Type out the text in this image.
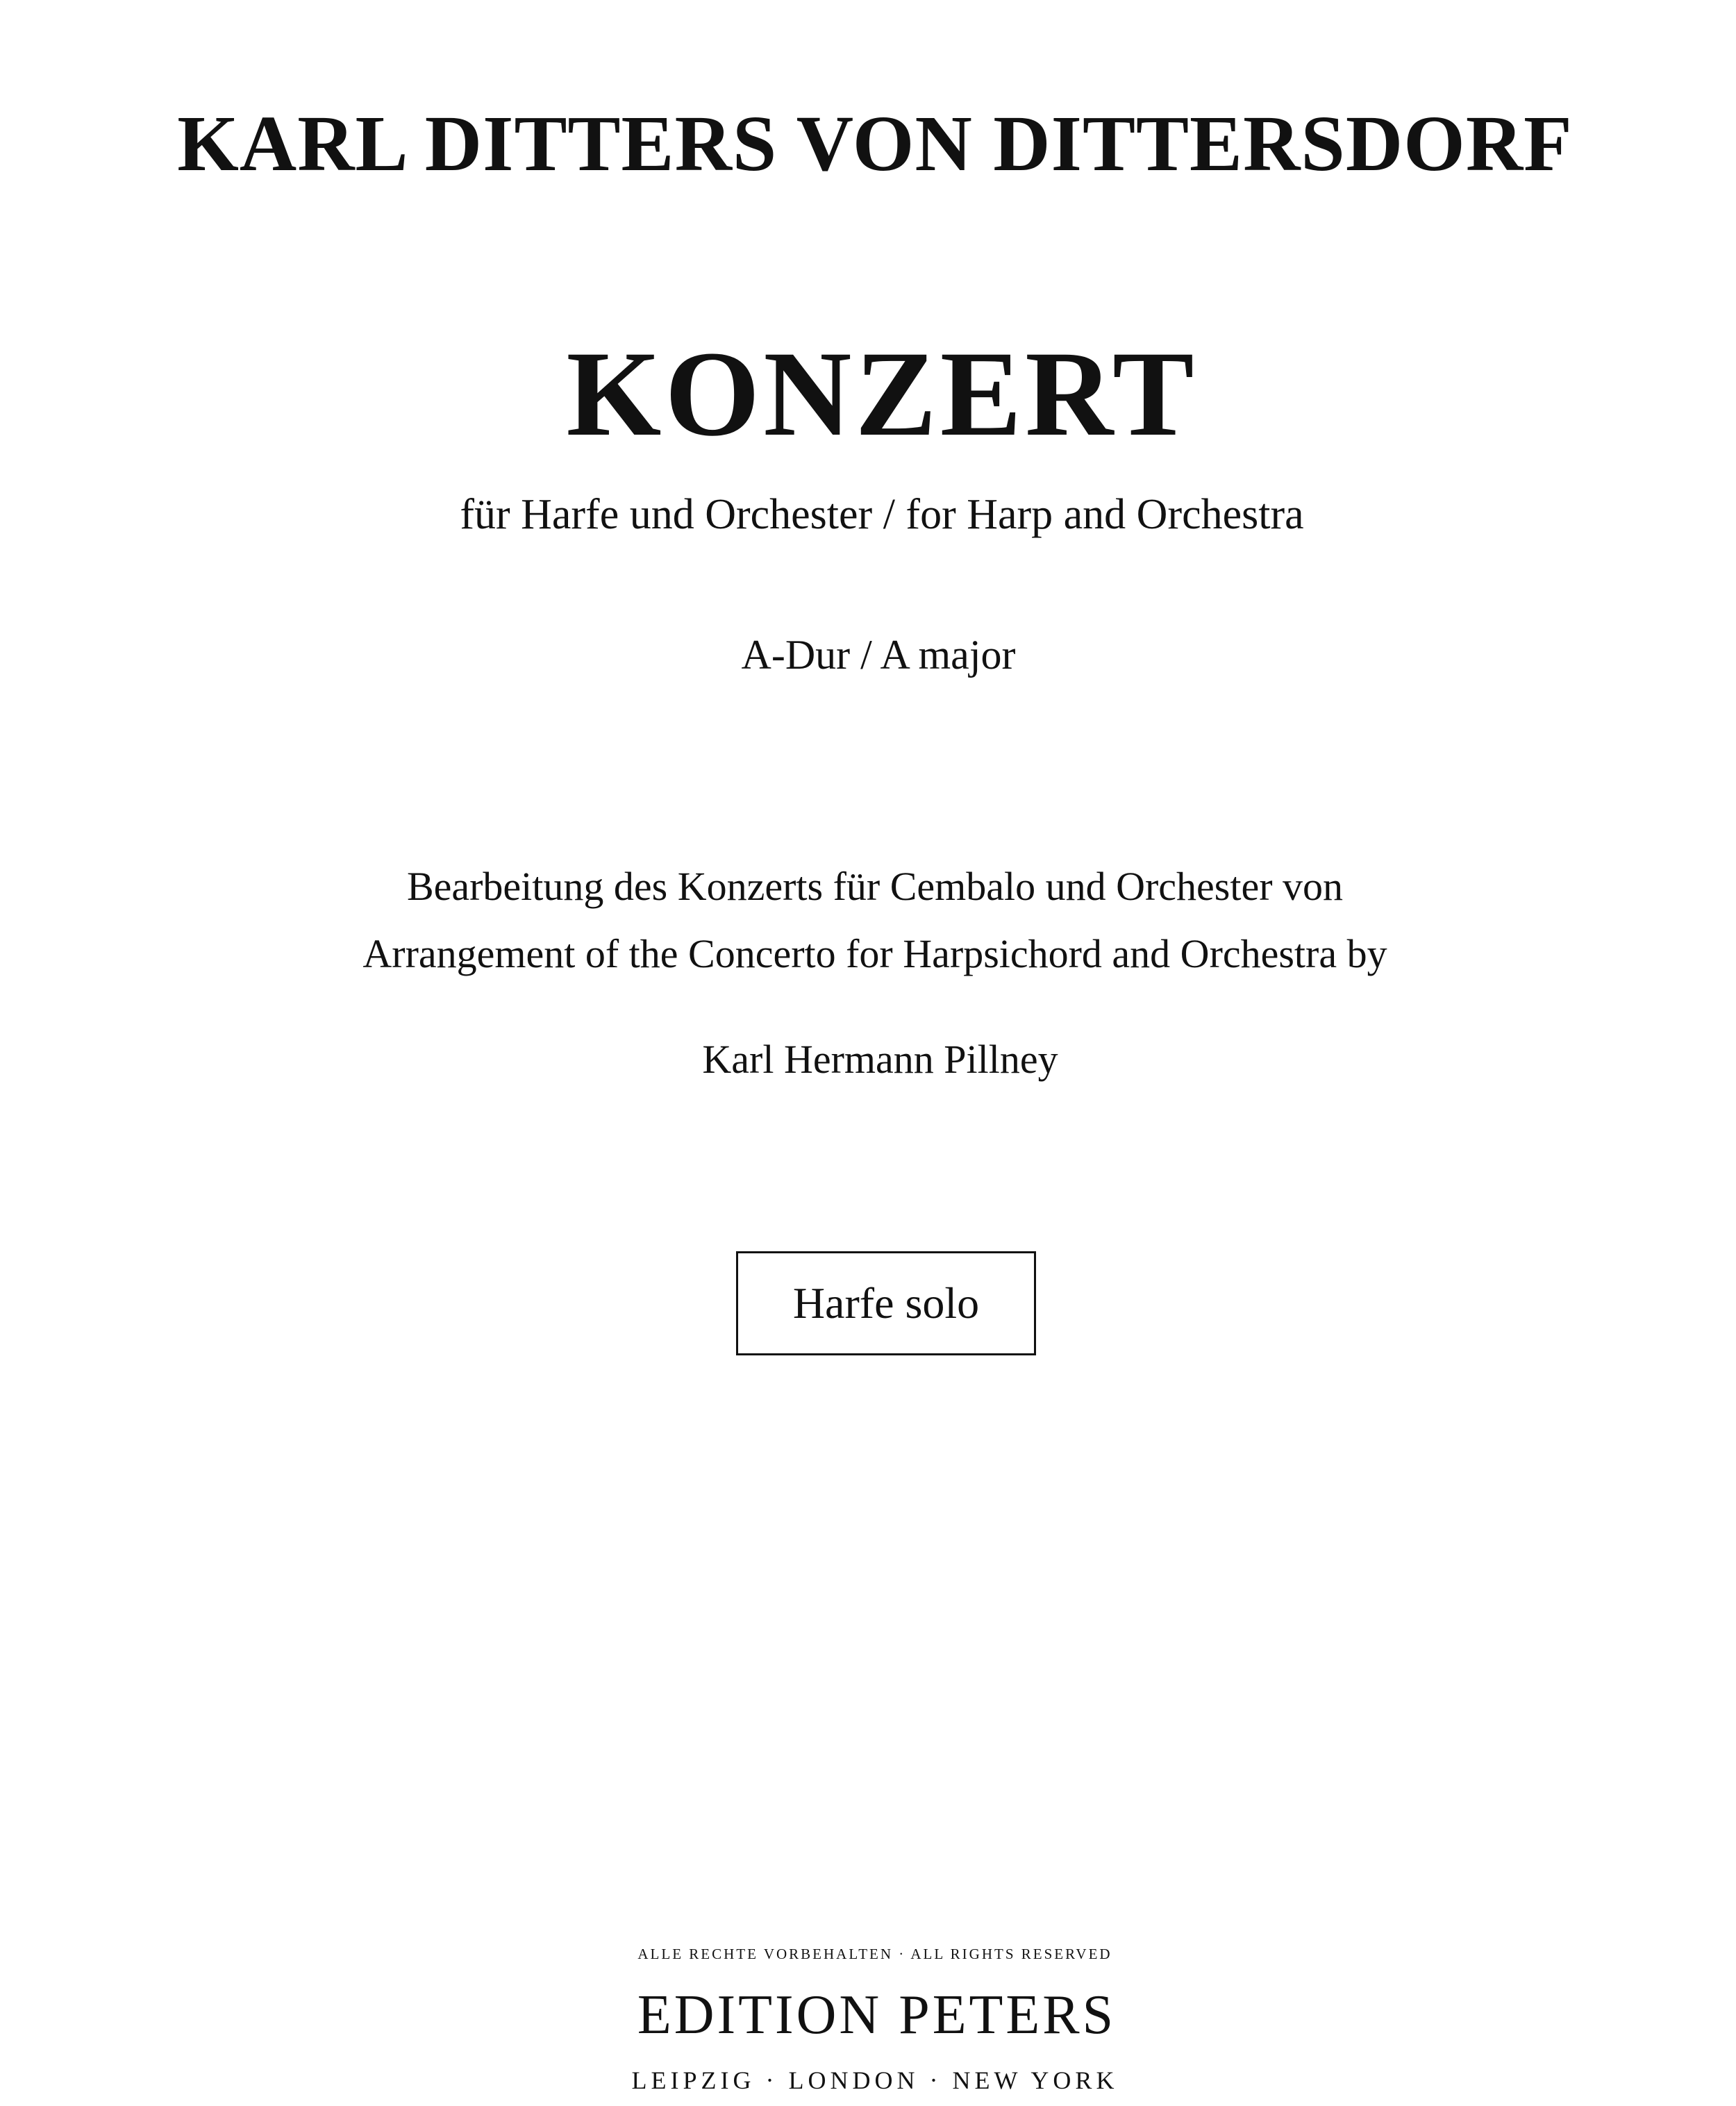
KARL DITTERS VON DITTERSDORF
KONZERT

für Harfe und Orchester / for Harp and Orchestra

A-Dur / A major

Bearbeitung des Konzerts für Cembalo und Orchester von

Arrangement of the Concerto for Harpsichord and Orchestra by

Karl Hermann Pillney

Harfe solo

ALLE RECHTE VORBEHALTEN · ALL RIGHTS RESERVED

EDITION PETERS

LEIPZIG · LONDON · NEW YORK
